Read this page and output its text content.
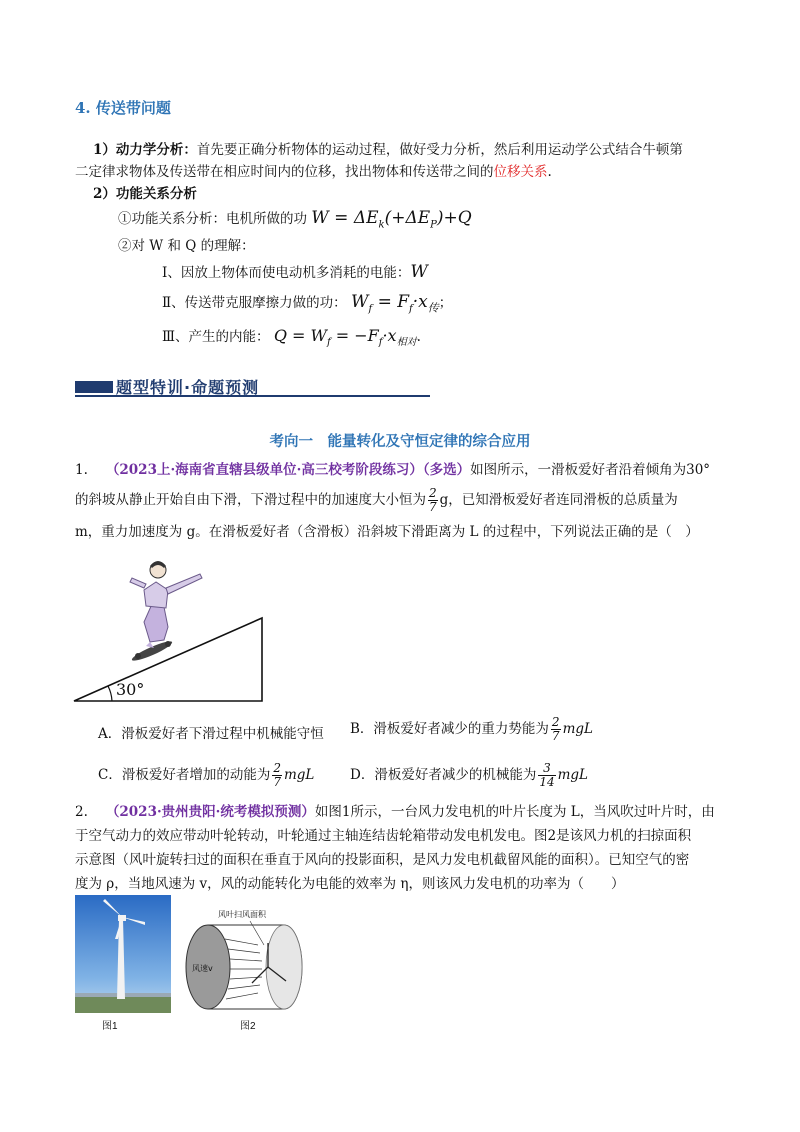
4. 传送带问题
1）动力学分析：首先要正确分析物体的运动过程，做好受力分析，然后利用运动学公式结合牛顿第
二定律求物体及传送带在相应时间内的位移，找出物体和传送带之间的位移关系.
2）功能关系分析
①功能关系分析：电机所做的功 $W = \Delta E_k(+\Delta E_P)+Q$
②对 W 和 Q 的理解：
Ⅰ、因放上物体而使电动机多消耗的电能：W
Ⅱ、传送带克服摩擦力做的功： $W_f = F_f\cdot x_传$；
Ⅲ、产生的内能： $Q = W_f = -F_f\cdot x_{相对}$.
题型特训·命题预测
考向一　能量转化及守恒定律的综合应用
1. （2023上·海南省直辖县级单位·高三校考阶段练习）（多选）如图所示，一滑板爱好者沿着倾角为30°
的斜坡从静止开始自由下滑，下滑过程中的加速度大小恒为 $\frac{2}{7}$ g，已知滑板爱好者连同滑板的总质量为
m，重力加速度为 g。在滑板爱好者（含滑板）沿斜坡下滑距离为 L 的过程中，下列说法正确的是（　）
30°
A．滑板爱好者下滑过程中机械能守恒 B．滑板爱好者减少的重力势能为 $\frac{2}{7}$ mgL
C．滑板爱好者增加的动能为 $\frac{2}{7}$ mgL	D．滑板爱好者减少的机械能为 $\frac{3}{14}$ mgL
2. （2023·贵州贵阳·统考模拟预测）如图1所示，一台风力发电机的叶片长度为 L，当风吹过叶片时，由
于空气动力的效应带动叶轮转动，叶轮通过主轴连结齿轮箱带动发电机发电。图2是该风力机的扫掠面积
示意图（风叶旋转扫过的面积在垂直于风向的投影面积，是风力发电机截留风能的面积）。已知空气的密
度为 ρ，当地风速为 v，风的动能转化为电能的效率为 η，则该风力发电机的功率为（　　）
图1
风叶扫风面积
风速v
图2
